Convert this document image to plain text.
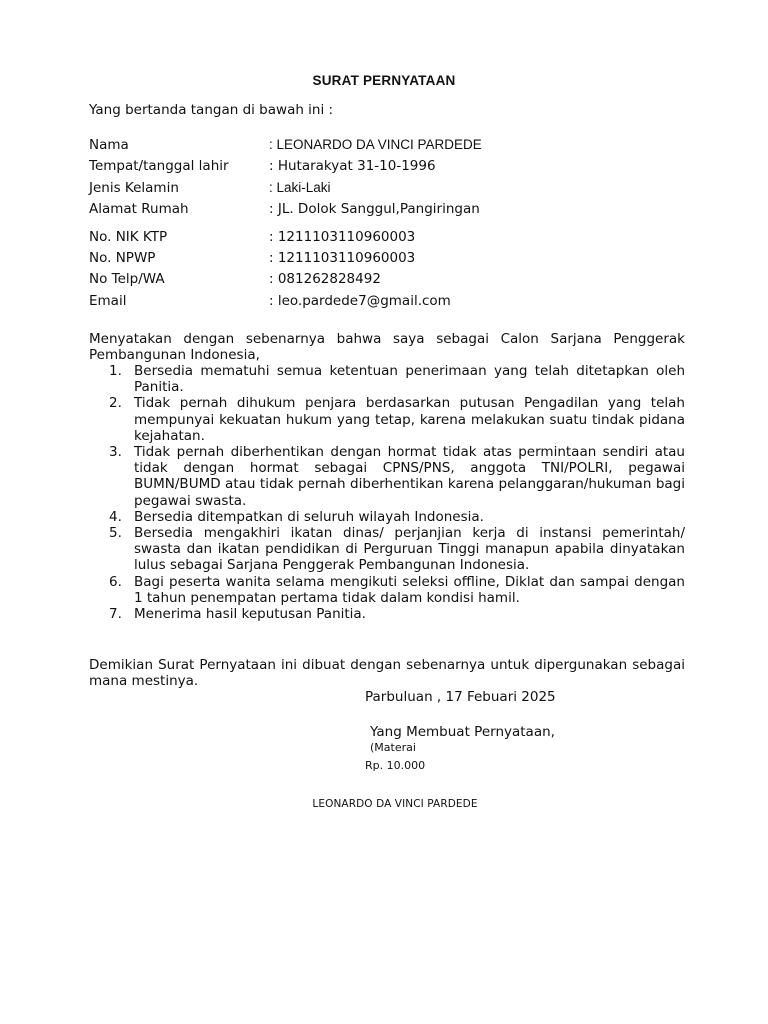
SURAT PERNYATAAN
Yang bertanda tangan di bawah ini :
Nama	: LEONARDO DA VINCI PARDEDE
Tempat/tanggal lahir	: Hutarakyat 31-10-1996
Jenis Kelamin	: Laki-Laki
Alamat Rumah	: JL. Dolok Sanggul,Pangiringan
No. NIK KTP	: 1211103110960003
No. NPWP	: 1211103110960003
No Telp/WA	: 081262828492
Email	: leo.pardede7@gmail.com
Menyatakan dengan sebenarnya bahwa saya sebagai Calon Sarjana Penggerak Pembangunan Indonesia,
1. Bersedia mematuhi semua ketentuan penerimaan yang telah ditetapkan oleh Panitia.
2. Tidak pernah dihukum penjara berdasarkan putusan Pengadilan yang telah mempunyai kekuatan hukum yang tetap, karena melakukan suatu tindak pidana kejahatan.
3. Tidak pernah diberhentikan dengan hormat tidak atas permintaan sendiri atau tidak dengan hormat sebagai CPNS/PNS, anggota TNI/POLRI, pegawai BUMN/BUMD atau tidak pernah diberhentikan karena pelanggaran/hukuman bagi pegawai swasta.
4. Bersedia ditempatkan di seluruh wilayah Indonesia.
5. Bersedia mengakhiri ikatan dinas/ perjanjian kerja di instansi pemerintah/ swasta dan ikatan pendidikan di Perguruan Tinggi manapun apabila dinyatakan lulus sebagai Sarjana Penggerak Pembangunan Indonesia.
6. Bagi peserta wanita selama mengikuti seleksi offline, Diklat dan sampai dengan 1 tahun penempatan pertama tidak dalam kondisi hamil.
7. Menerima hasil keputusan Panitia.
Demikian Surat Pernyataan ini dibuat dengan sebenarnya untuk dipergunakan sebagai mana mestinya.
Parbuluan , 17 Febuari 2025
Yang Membuat Pernyataan,
(Materai
Rp. 10.000
LEONARDO DA VINCI PARDEDE
